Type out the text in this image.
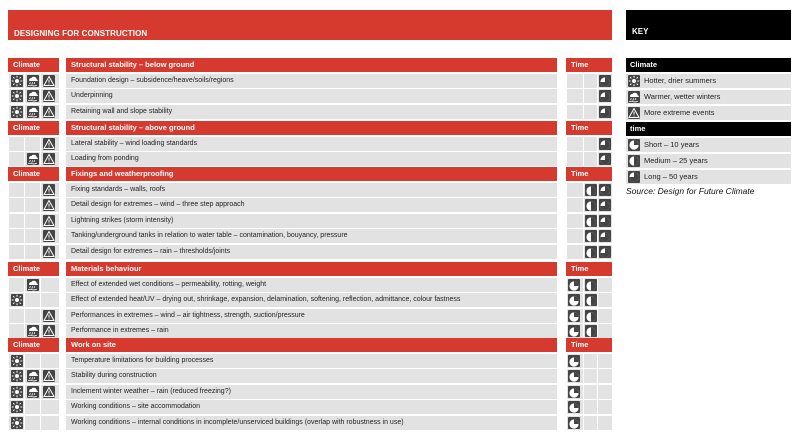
DESIGNING FOR CONSTRUCTION
Climate	Structural stability – below ground	Time
Foundation design – subsidence/heave/soils/regions
Underpinning
Retaining wall and slope stability
Climate	Structural stability – above ground	Time
Lateral stability – wind loading standards
Loading from ponding
Climate	Fixings and weatherproofing	Time
Fixing standards – walls, roofs
Detail design for extremes – wind – three step approach
Lightning strikes (storm intensity)
Tanking/underground tanks in relation to water table – contamination, bouyancy, pressure
Detail design for extremes – rain – thresholds/joints
Climate	Materials behaviour	Time
Effect of extended wet conditions – permeability, rotting, weight
Effect of extended heat/UV – drying out, shrinkage, expansion, delamination, softening, reflection, admittance, colour fastness
Performances in extremes – wind – air tightness, strength, suction/pressure
Performance in extremes – rain
Climate	Work on site	Time
Temperature limitations for building processes
Stability during construction
Inclement winter weather – rain (reduced freezing?)
Working conditions – site accommodation
Working conditions – internal conditions in incomplete/unserviced buildings (overlap with robustness in use)
KEY
Climate
Hotter, drier summers
Warmer, wetter winters
More extreme events
time
Short – 10 years
Medium – 25 years
Long – 50 years
Source: Design for Future Climate
